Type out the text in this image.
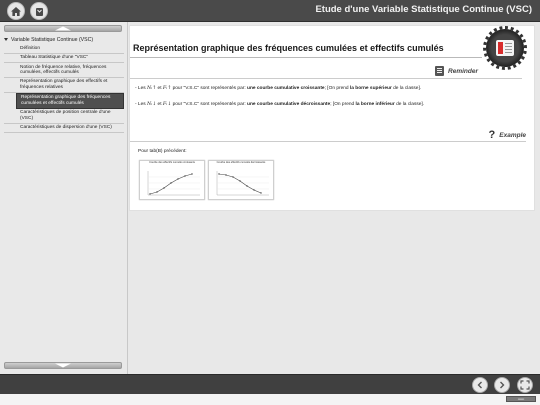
Etude d'une Variable Statistique Continue (VSC)
Variable Statistique Continue (VSC)
Définition
Tableau Statistique d'une "VSC"
Notion de fréquence relative, fréquences cumulées, effectifs cumulés
Représentation graphique des effectifs et fréquences relatives
Représentation graphique des fréquences cumulées et effectifs cumulés
Caractéristiques de position centrale d'une (VSC)
Caractéristiques de dispersion d'une (VSC)
Représentation graphique des fréquences cumulées et effectifs cumulés
Reminder
- Les Nᵢ↑ et Fᵢ↑ pour "V.S.C" sont représentés par: une courbe cumulative croissante; [On prend la borne supérieur de la classe].
- Les Nᵢ↓ et Fᵢ↓ pour "V.S.C" sont représentés par: une courbe cumulative décroissante; [On prend la borne inférieur de la classe].
? Example
Pour tab(B) précédent:
Courbe des effectifs cumulés croissants	Courbe des effectifs cumulés décroissants
▪▪▪▪▪▪
